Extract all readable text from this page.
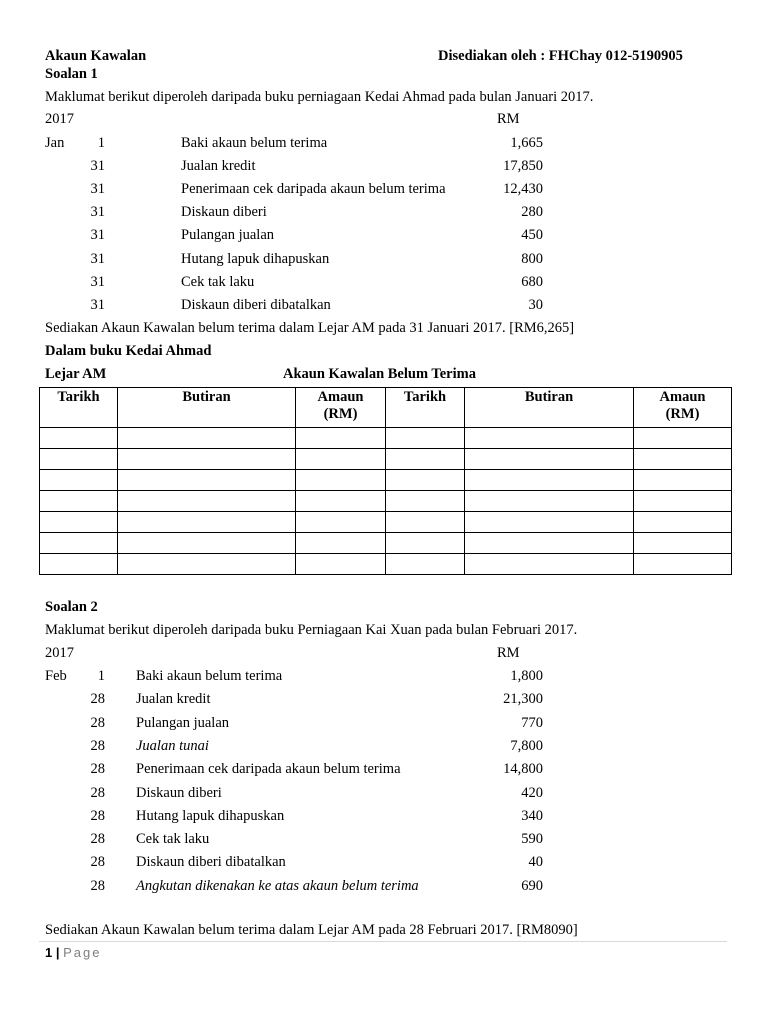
Akaun Kawalan	Disediakan oleh : FHChay 012-5190905
Soalan 1
Maklumat berikut diperoleh daripada buku perniagaan Kedai Ahmad pada bulan Januari 2017.
2017	RM
Jan	1	Baki akaun belum terima	1,665
31	Jualan kredit	17,850
31	Penerimaan cek daripada akaun belum terima	12,430
31	Diskaun diberi	280
31	Pulangan jualan	450
31	Hutang lapuk dihapuskan	800
31	Cek tak laku	680
31	Diskaun diberi dibatalkan	30
Sediakan Akaun Kawalan belum terima dalam Lejar AM pada 31 Januari 2017. [RM6,265]
Dalam buku Kedai Ahmad
Lejar AM	Akaun Kawalan Belum Terima
Tarikh	Butiran	Amaun
(RM)	Tarikh	Butiran	Amaun
(RM)

Soalan 2
Maklumat berikut diperoleh daripada buku Perniagaan Kai Xuan pada bulan Februari 2017.
2017	RM
Feb	1 Baki akaun belum terima	1,800
28 Jualan kredit	21,300
28 Pulangan jualan	770
28 Jualan tunai	7,800
28 Penerimaan cek daripada akaun belum terima	14,800
28 Diskaun diberi	420
28 Hutang lapuk dihapuskan	340
28 Cek tak laku	590
28 Diskaun diberi dibatalkan	40
28 Angkutan dikenakan ke atas akaun belum terima	690
Sediakan Akaun Kawalan belum terima dalam Lejar AM pada 28 Februari 2017. [RM8090]
1 | Page
